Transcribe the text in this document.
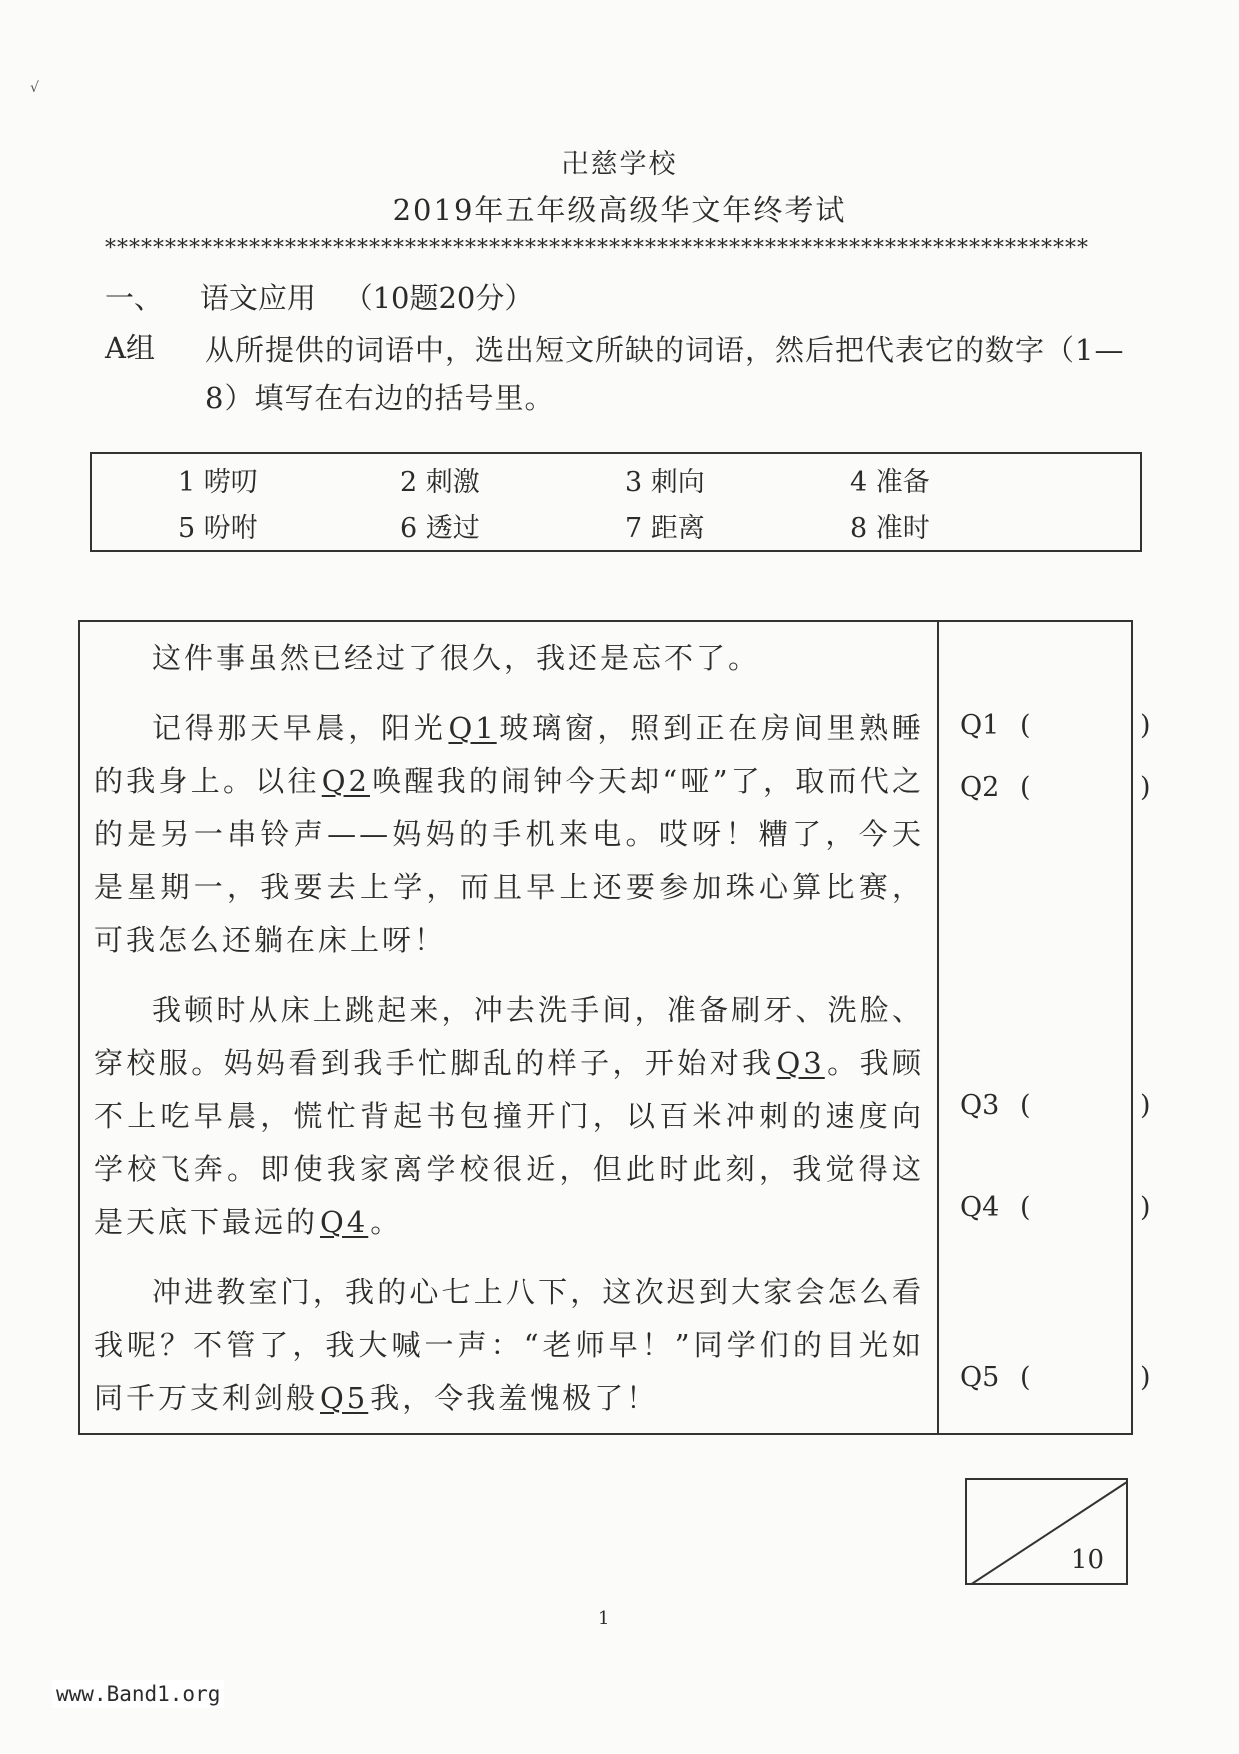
√
卍慈学校
2019年五年级高级华文年终考试
**********************************************************************************
一、 语文应用 （10题20分）
A组 从所提供的词语中，选出短文所缺的词语，然后把代表它的数字（1—8）填写在右边的括号里。
1 唠叨	2 刺激	3 刺向	4 准备
5 吩咐	6 透过	7 距离	8 准时

这件事虽然已经过了很久，我还是忘不了。

记得那天早晨，阳光Q1玻璃窗，照到正在房间里熟睡的我身上。以往Q2唤醒我的闹钟今天却“哑”了，取而代之的是另一串铃声——妈妈的手机来电。哎呀！糟了，今天是星期一，我要去上学，而且早上还要参加珠心算比赛，可我怎么还躺在床上呀！

我顿时从床上跳起来，冲去洗手间，准备刷牙、洗脸、穿校服。妈妈看到我手忙脚乱的样子，开始对我Q3。我顾不上吃早晨，慌忙背起书包撞开门，以百米冲刺的速度向学校飞奔。即使我家离学校很近，但此时此刻，我觉得这是天底下最远的Q4。

冲进教室门，我的心七上八下，这次迟到大家会怎么看我呢？不管了，我大喊一声：“老师早！”同学们的目光如同千万支利剑般Q5我，令我羞愧极了！

Q1 (	)
Q2 (	)
Q3 (	)
Q4 (	)
Q5 (	)
10
1
www.Band1.org
